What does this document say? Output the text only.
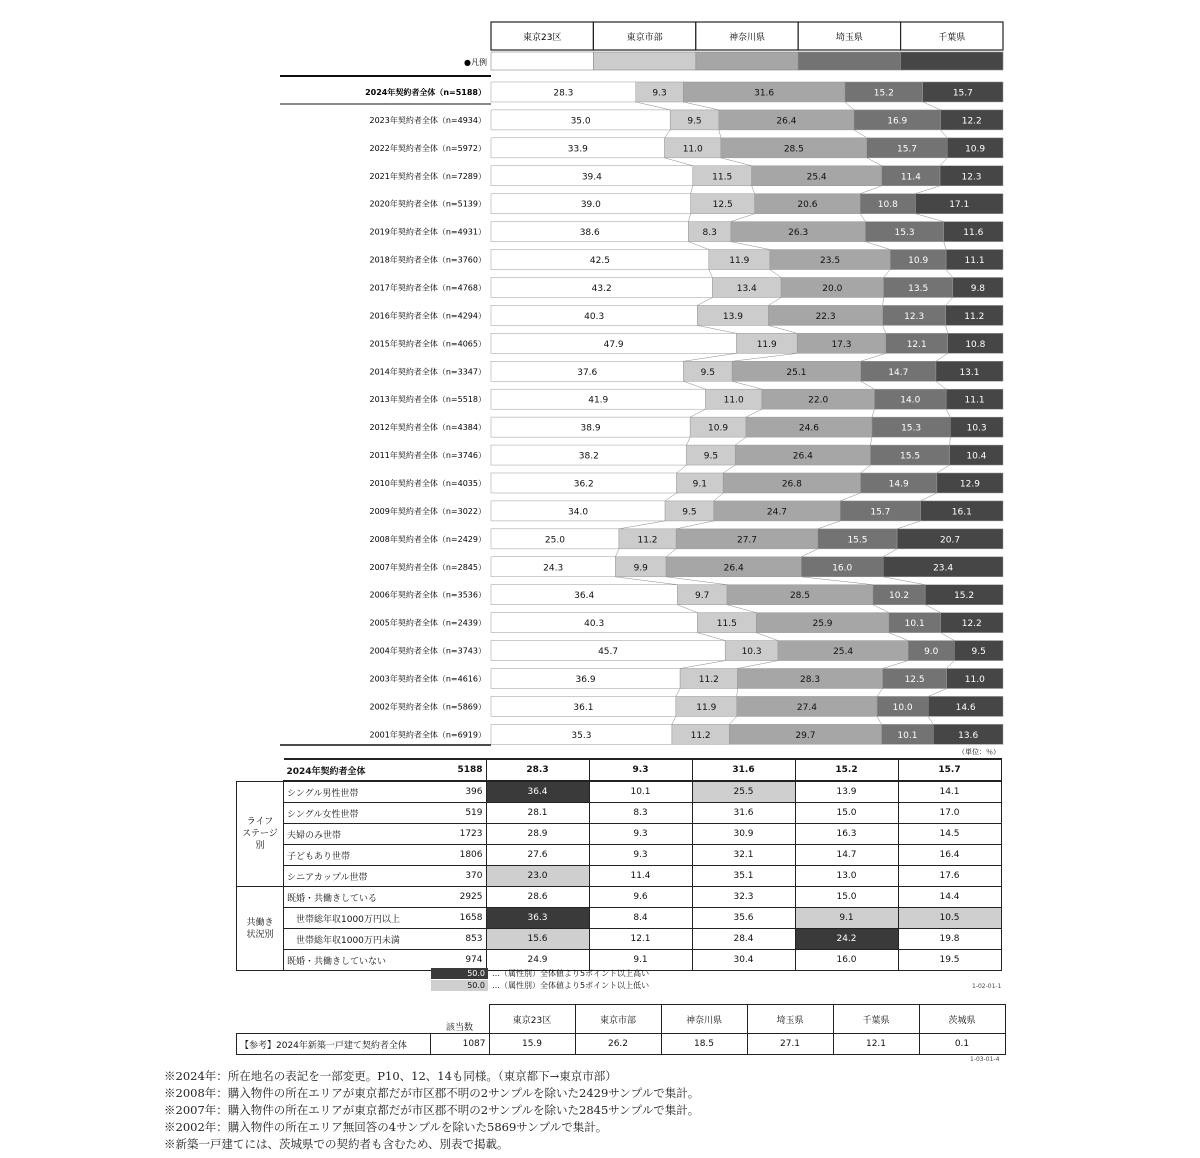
東京23区	東京市部	神奈川県	埼玉県	千葉県
●凡例
2024年契約者全体（n=5188）	28.3	9.3	31.6	15.2	15.7
2023年契約者全体（n=4934）	35.0	9.5	26.4	16.9	12.2
2022年契約者全体（n=5972）	33.9	11.0	28.5	15.7	10.9
2021年契約者全体（n=7289）	39.4	11.5	25.4	11.4	12.3
2020年契約者全体（n=5139）	39.0	12.5	20.6	10.8	17.1
2019年契約者全体（n=4931）	38.6	8.3	26.3	15.3	11.6
2018年契約者全体（n=3760）	42.5	11.9	23.5	10.9	11.1
2017年契約者全体（n=4768）	43.2	13.4	20.0	13.5	9.8
2016年契約者全体（n=4294）	40.3	13.9	22.3	12.3	11.2
2015年契約者全体（n=4065）	47.9	11.9	17.3	12.1	10.8
2014年契約者全体（n=3347）	37.6	9.5	25.1	14.7	13.1
2013年契約者全体（n=5518）	41.9	11.0	22.0	14.0	11.1
2012年契約者全体（n=4384）	38.9	10.9	24.6	15.3	10.3
2011年契約者全体（n=3746）	38.2	9.5	26.4	15.5	10.4
2010年契約者全体（n=4035）	36.2	9.1	26.8	14.9	12.9
2009年契約者全体（n=3022）	34.0	9.5	24.7	15.7	16.1
2008年契約者全体（n=2429）	25.0	11.2	27.7	15.5	20.7
2007年契約者全体（n=2845）	24.3	9.9	26.4	16.0	23.4
2006年契約者全体（n=3536）	36.4	9.7	28.5	10.2	15.2
2005年契約者全体（n=2439）	40.3	11.5	25.9	10.1	12.2
2004年契約者全体（n=3743）	45.7	10.3	25.4	9.0	9.5
2003年契約者全体（n=4616）	36.9	11.2	28.3	12.5	11.0
2002年契約者全体（n=5869）	36.1	11.9	27.4	10.0	14.6
2001年契約者全体（n=6919）	35.3	11.2	29.7	10.1	13.6
（単位：％）
	2024年契約者全体	5188	28.3	9.3	31.6	15.2	15.7
ライフ
ステージ
別	シングル男性世帯	396	36.4	10.1	25.5	13.9	14.1
	シングル女性世帯	519	28.1	8.3	31.6	15.0	17.0
	夫婦のみ世帯	1723	28.9	9.3	30.9	16.3	14.5
	子どもあり世帯	1806	27.6	9.3	32.1	14.7	16.4
	シニアカップル世帯	370	23.0	11.4	35.1	13.0	17.6
共働き
状況別	既婚・共働きしている	2925	28.6	9.6	32.3	15.0	14.4
	　世帯総年収1000万円以上	1658	36.3	8.4	35.6	9.1	10.5
	　世帯総年収1000万円未満	853	15.6	12.1	28.4	24.2	19.8
	既婚・共働きしていない	974	24.9	9.1	30.4	16.0	19.5
50.0 …（属性別）全体値より5ポイント以上高い
50.0 …（属性別）全体値より5ポイント以上低い	1-02-01-1
	該当数	東京23区	東京市部	神奈川県	埼玉県	千葉県	茨城県
【参考】2024年新築一戸建て契約者全体	1087	15.9	26.2	18.5	27.1	12.1	0.1
1-03-01-4
※2024年：所在地名の表記を一部変更。P10、12、14も同様。（東京都下→東京市部）
※2008年：購入物件の所在エリアが東京都だが市区郡不明の2サンプルを除いた2429サンプルで集計。
※2007年：購入物件の所在エリアが東京都だが市区郡不明の2サンプルを除いた2845サンプルで集計。
※2002年：購入物件の所在エリア無回答の4サンプルを除いた5869サンプルで集計。
※新築一戸建てには、茨城県での契約者も含むため、別表で掲載。
